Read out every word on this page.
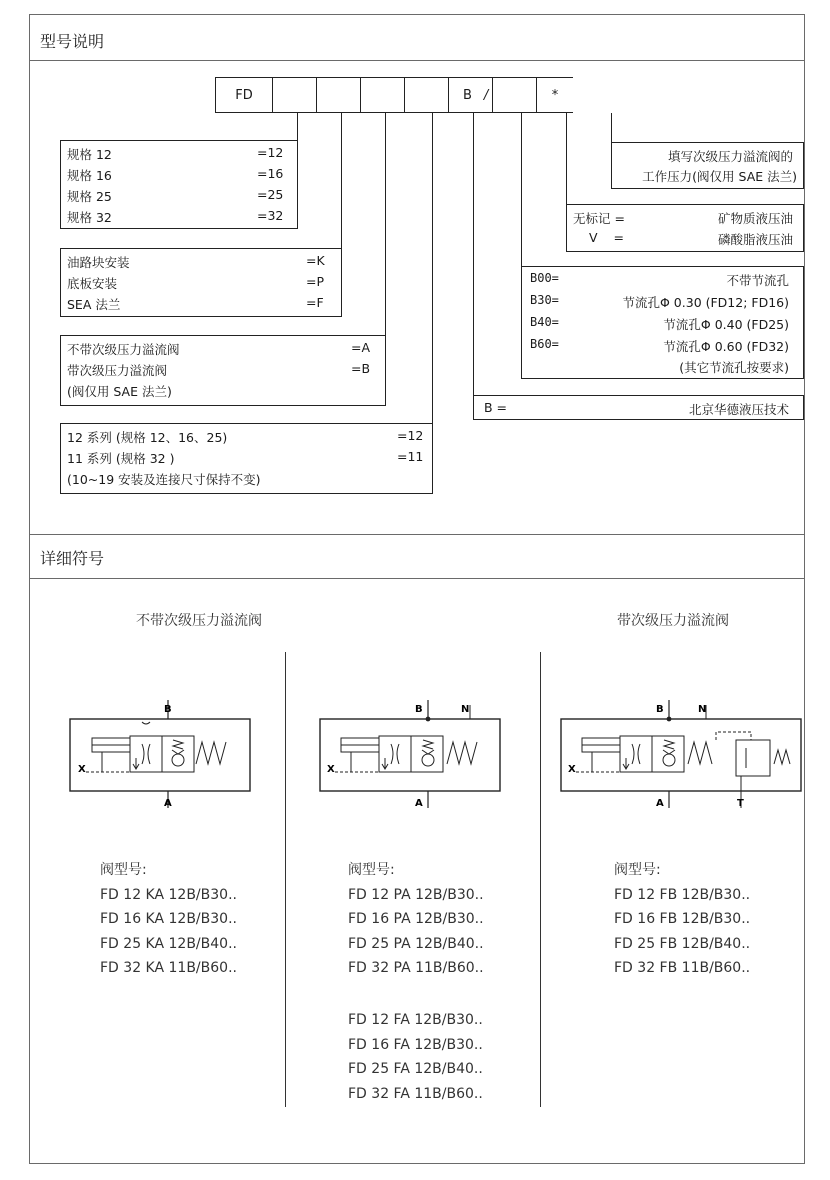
型号说明
FD	B /	*
规格 12	=12
规格 16	=16
规格 25	=25
规格 32	=32
油路块安装	=K
底板安装	=P
SEA 法兰	=F
不带次级压力溢流阀	=A
带次级压力溢流阀	=B
(阀仅用 SAE 法兰)
12 系列 (规格 12、16、25)	=12
11 系列 (规格 32 )	=11
(10~19 安装及连接尺寸保持不变)
填写次级压力溢流阀的
工作压力(阀仅用 SAE 法兰)
无标记 =	矿物质液压油
V    =	磷酸脂液压油
B00=	不带节流孔
B30=	节流孔Φ 0.30 (FD12; FD16)
B40=	节流孔Φ 0.40 (FD25)
B60=	节流孔Φ 0.60 (FD32)
(其它节流孔按要求)
B =	北京华德液压技术
详细符号
不带次级压力溢流阀	带次级压力溢流阀
B
A
X
B	N
A
X
B	N
A	T
X
阀型号:
FD 12 KA 12B/B30..
FD 16 KA 12B/B30..
FD 25 KA 12B/B40..
FD 32 KA 11B/B60..
阀型号:
FD 12 PA 12B/B30..
FD 16 PA 12B/B30..
FD 25 PA 12B/B40..
FD 32 PA 11B/B60..
FD 12 FA 12B/B30..
FD 16 FA 12B/B30..
FD 25 FA 12B/B40..
FD 32 FA 11B/B60..
阀型号:
FD 12 FB 12B/B30..
FD 16 FB 12B/B30..
FD 25 FB 12B/B40..
FD 32 FB 11B/B60..
